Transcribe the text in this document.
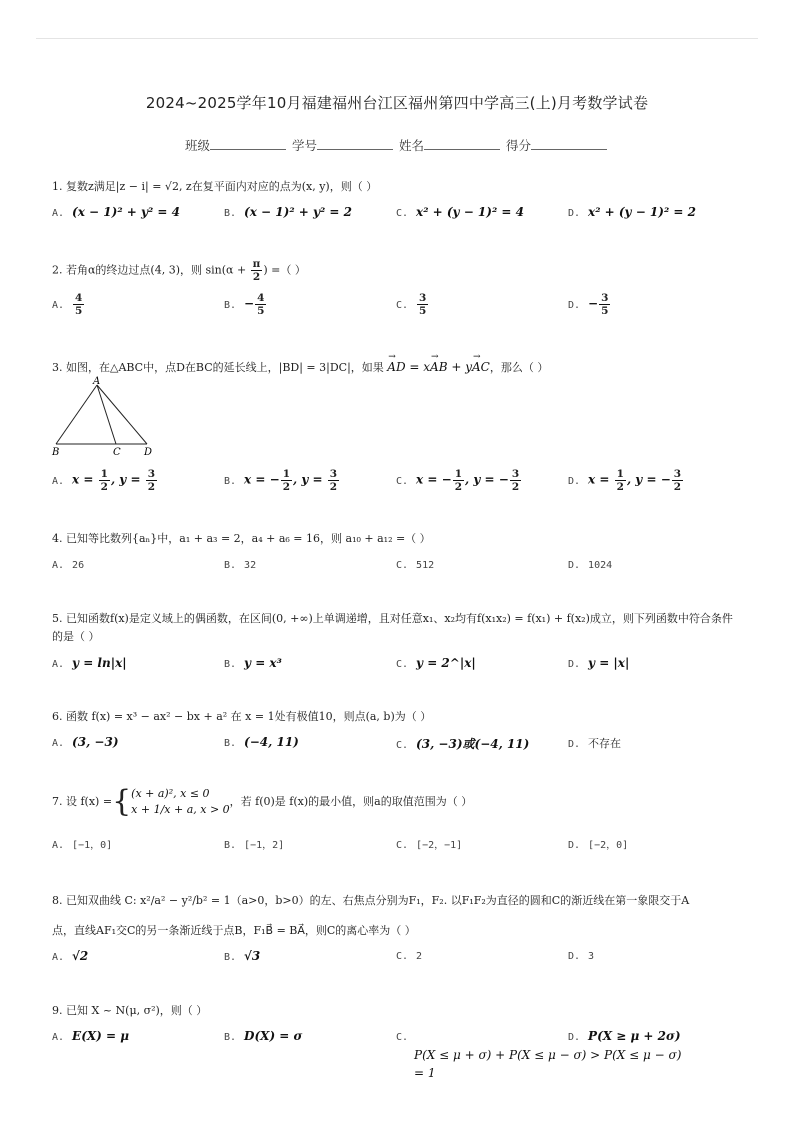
2024~2025学年10月福建福州台江区福州第四中学高三(上)月考数学试卷
班级	学号	姓名	得分
1. 复数z满足|z − i| = √2, z在复平面内对应的点为(x, y)，则（ ）
A. (x − 1)² + y² = 4	B. (x − 1)² + y² = 2	C. x² + (y − 1)² = 4	D. x² + (y − 1)² = 2
2. 若角α的终边过点(4, 3)，则 $\sin(\alpha + \frac{\pi}{2}$ ) =（ ）
A. $\frac{4}{5}$	B. − $\frac{4}{5}$	C. $\frac{3}{5}$	D. − $\frac{3}{5}$
3. 如图，在△ABC中，点D在BC的延长线上，|BD| = 3|DC|，如果 → AD = x→ AB + y→ AC，那么（ ）
A
B	C D
A. $x = \frac{1}{2}$ , $y = \frac{3}{2}$	B. x = − $\frac{1}{2}$ , $y = \frac{3}{2}$	C. x = − $\frac{1}{2}$ , y = − $\frac{3}{2}$	D. $x = \frac{1}{2}$ , y = − $\frac{3}{2}$
4. 已知等比数列{aₙ}中，a₁ + a₃ = 2，a₄ + a₆ = 16，则 a₁₀ + a₁₂ =（ ）
A. 26	B. 32	C. 512	D. 1024
5. 已知函数f(x)是定义域上的偶函数，在区间(0, +∞)上单调递增，且对任意x₁、x₂均有f(x₁x₂) = f(x₁) + f(x₂)成立，则下列函数中符合条件的是（ ）
A. y = ln|x|	B. y = x³	C. y = 2^|x|	D. y = |x|
6. 函数 f(x) = x³ − ax² − bx + a² 在 x = 1处有极值10，则点(a, b)为（ ）
A. (3, −3)	B. (−4, 11)	C. (3, −3)或(−4, 11)	D. 不存在
7. 设 f(x) ={ (x + a)², x ≤ 0
x + 1/x + a, x > 0
，若 f(0)是 f(x)的最小值，则a的取值范围为（ ）
A. [−1，0]	B. [−1，2]	C. [−2，−1]	D. [−2，0]
8. 已知双曲线 C: x²/a² − y²/b² = 1（a>0，b>0）的左、右焦点分别为F₁，F₂. 以F₁F₂为直径的圆和C的渐近线在第一象限交于A
点，直线AF₁交C的另一条渐近线于点B，F₁B⃗ = BA⃗，则C的离心率为（ ）
A. √2	B. √3	C. 2	D. 3
9. 已知 X ~ N(μ, σ²)，则（ ）
A. E(X) = μ	B. D(X) = σ	C.	D. P(X ≥ μ + 2σ)
P(X ≤ μ + σ) + P(X ≤ μ − σ) > P(X ≤ μ − σ)
= 1
